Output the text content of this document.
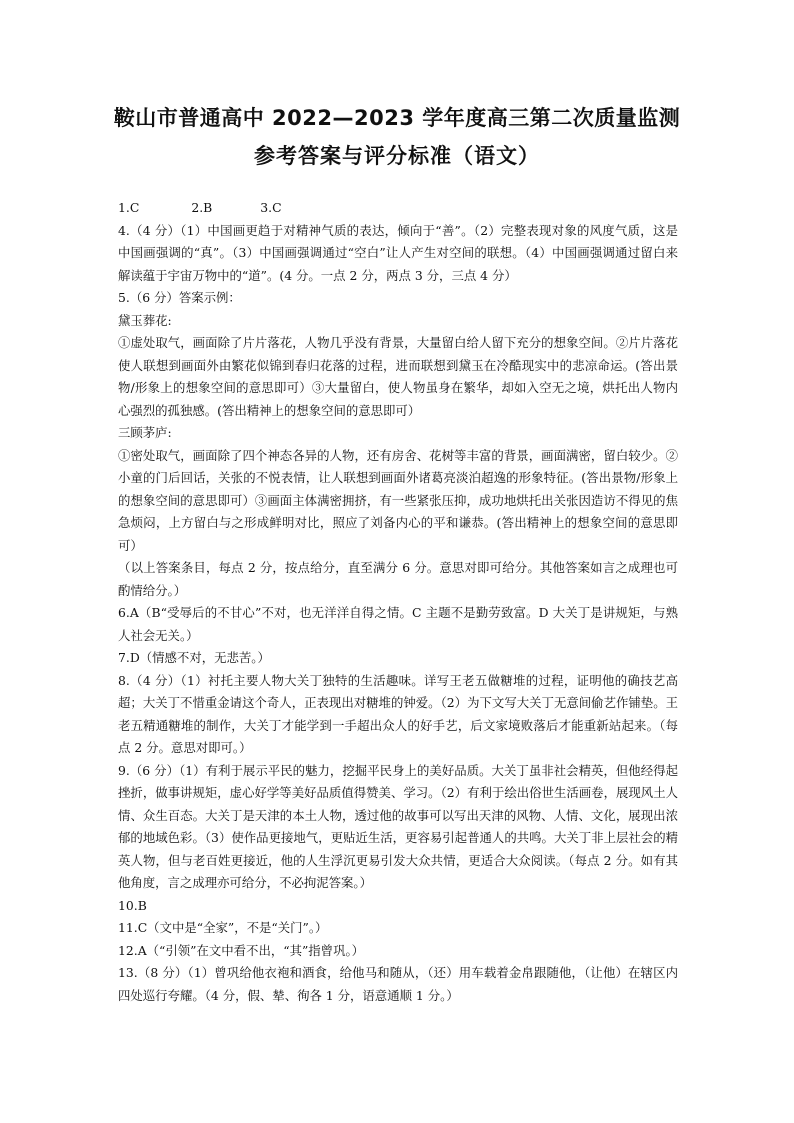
鞍山市普通高中 2022—2023 学年度高三第二次质量监测
参考答案与评分标准（语文）

1.C	2.B	3.C

4.（4 分）（1）中国画更趋于对精神气质的表达，倾向于“善”。（2）完整表现对象的风度气质，这是中国画强调的“真”。（3）中国画强调通过“空白”让人产生对空间的联想。（4）中国画强调通过留白来解读蕴于宇宙万物中的“道”。(4 分。一点 2 分，两点 3 分，三点 4 分）

5.（6 分）答案示例：

黛玉葬花:

①虚处取气，画面除了片片落花，人物几乎没有背景，大量留白给人留下充分的想象空间。②片片落花使人联想到画面外由繁花似锦到春归花落的过程，进而联想到黛玉在冷酷现实中的悲凉命运。(答出景物/形象上的想象空间的意思即可）③大量留白，使人物虽身在繁华，却如入空无之境，烘托出人物内心强烈的孤独感。(答出精神上的想象空间的意思即可）

三顾茅庐:

①密处取气，画面除了四个神态各异的人物，还有房舍、花树等丰富的背景，画面满密，留白较少。②小童的门后回话，关张的不悦表情，让人联想到画面外诸葛亮淡泊超逸的形象特征。(答出景物/形象上的想象空间的意思即可）③画面主体满密拥挤，有一些紧张压抑，成功地烘托出关张因造访不得见的焦急烦闷，上方留白与之形成鲜明对比，照应了刘备内心的平和谦恭。(答出精神上的想象空间的意思即可）

（以上答案条目，每点 2 分，按点给分，直至满分 6 分。意思对即可给分。其他答案如言之成理也可酌情给分。）

6.A（B“受辱后的不甘心”不对，也无洋洋自得之情。C 主题不是勤劳致富。D 大关丁是讲规矩，与熟人社会无关。）

7.D（情感不对，无悲苦。）

8.（4 分）（1）衬托主要人物大关丁独特的生活趣味。详写王老五做糖堆的过程，证明他的确技艺高超；大关丁不惜重金请这个奇人，正表现出对糖堆的钟爱。（2）为下文写大关丁无意间偷艺作铺垫。王老五精通糖堆的制作，大关丁才能学到一手超出众人的好手艺，后文家境败落后才能重新站起来。（每点 2 分。意思对即可。）

9.（6 分）（1）有利于展示平民的魅力，挖掘平民身上的美好品质。大关丁虽非社会精英，但他经得起挫折，做事讲规矩，虚心好学等美好品质值得赞美、学习。（2）有利于绘出俗世生活画卷，展现风土人情、众生百态。大关丁是天津的本土人物，透过他的故事可以写出天津的风物、人情、文化，展现出浓郁的地域色彩。（3）使作品更接地气，更贴近生活，更容易引起普通人的共鸣。大关丁非上层社会的精英人物，但与老百姓更接近，他的人生浮沉更易引发大众共情，更适合大众阅读。（每点 2 分。如有其他角度，言之成理亦可给分，不必拘泥答案。）

10.B

11.C（文中是“全家”，不是“关门”。）

12.A（“引领”在文中看不出，“其”指曾巩。）

13.（8 分）（1）曾巩给他衣袍和酒食，给他马和随从，（还）用车载着金帛跟随他，（让他）在辖区内四处巡行夸耀。（4 分，假、辇、徇各 1 分，语意通顺 1 分。）
